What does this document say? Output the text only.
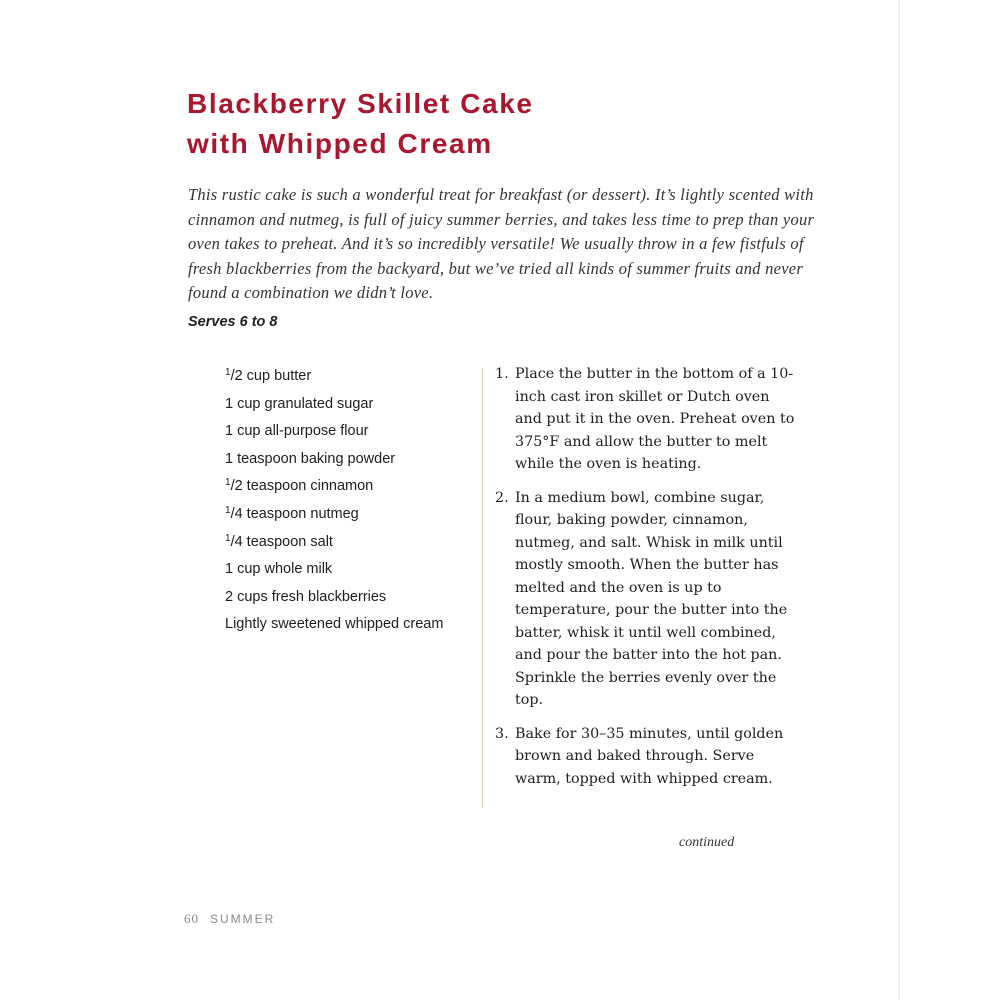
Blackberry Skillet Cake
with Whipped Cream

This rustic cake is such a wonderful treat for breakfast (or dessert). It’s lightly scented with cinnamon and nutmeg, is full of juicy summer berries, and takes less time to prep than your oven takes to preheat. And it’s so incredibly versatile! We usually throw in a few fistfuls of fresh blackberries from the backyard, but we’ve tried all kinds of summer fruits and never found a combination we didn’t love.

Serves 6 to 8

$^1$/2 cup butter
1 cup granulated sugar
1 cup all-purpose flour
1 teaspoon baking powder
$^1$/2 teaspoon cinnamon
$^1$/4 teaspoon nutmeg
$^1$/4 teaspoon salt
1 cup whole milk
2 cups fresh blackberries
Lightly sweetened whipped cream
1. Place the butter in the bottom of a 10-inch cast iron skillet or Dutch oven and put it in the oven. Preheat oven to 375°F and allow the butter to melt while the oven is heating.
2. In a medium bowl, combine sugar, flour, baking powder, cinnamon, nutmeg, and salt. Whisk in milk until mostly smooth. When the butter has melted and the oven is up to temperature, pour the butter into the batter, whisk it until well combined, and pour the batter into the hot pan. Sprinkle the berries evenly over the top.
3. Bake for 30–35 minutes, until golden brown and baked through. Serve warm, topped with whipped cream.
continued
60 SUMMER
